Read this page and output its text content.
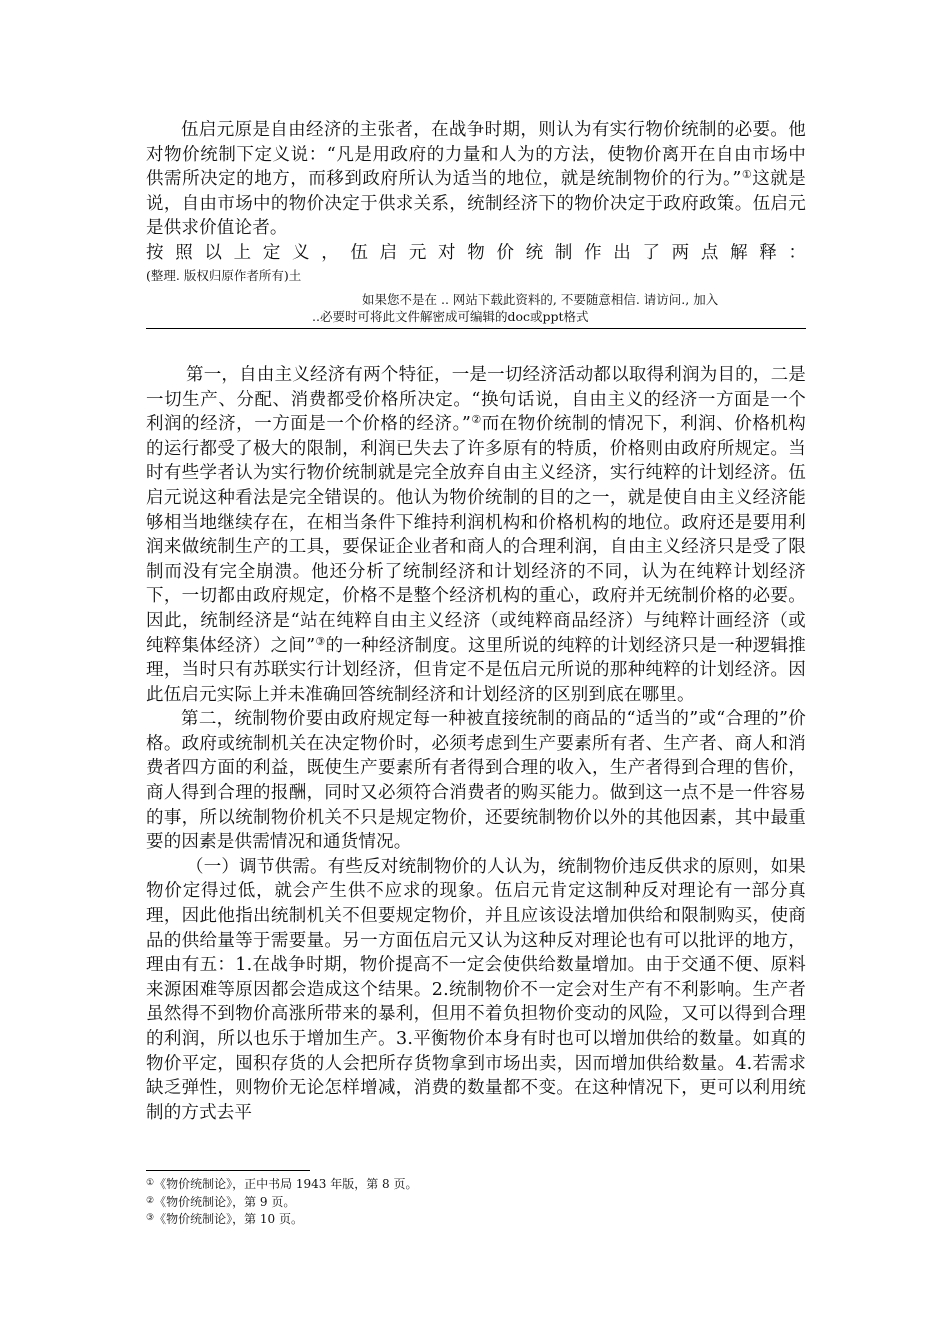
伍启元原是自由经济的主张者，在战争时期，则认为有实行物价统制的必要。他对物价统制下定义说：“凡是用政府的力量和人为的方法，使物价离开在自由市场中供需所决定的地方，而移到政府所认为适当的地位，就是统制物价的行为。”①这就是说，自由市场中的物价决定于供求关系，统制经济下的物价决定于政府政策。伍启元是供求价值论者。

按照以上定义，伍启元对物价统制作出了两点解释：

(整理. 版权归原作者所有)土

如果您不是在 .. 网站下载此资料的, 不要随意相信. 请访问., 加入
..必要时可将此文件解密成可编辑的doc或ppt格式

第一，自由主义经济有两个特征，一是一切经济活动都以取得利润为目的，二是一切生产、分配、消费都受价格所决定。“换句话说，自由主义的经济一方面是一个利润的经济，一方面是一个价格的经济。”②而在物价统制的情况下，利润、价格机构的运行都受了极大的限制，利润已失去了许多原有的特质，价格则由政府所规定。当时有些学者认为实行物价统制就是完全放弃自由主义经济，实行纯粹的计划经济。伍启元说这种看法是完全错误的。他认为物价统制的目的之一，就是使自由主义经济能够相当地继续存在，在相当条件下维持利润机构和价格机构的地位。政府还是要用利润来做统制生产的工具，要保证企业者和商人的合理利润，自由主义经济只是受了限制而没有完全崩溃。他还分析了统制经济和计划经济的不同，认为在纯粹计划经济下，一切都由政府规定，价格不是整个经济机构的重心，政府并无统制价格的必要。因此，统制经济是“站在纯粹自由主义经济（或纯粹商品经济）与纯粹计画经济（或纯粹集体经济）之间”③的一种经济制度。这里所说的纯粹的计划经济只是一种逻辑推理，当时只有苏联实行计划经济，但肯定不是伍启元所说的那种纯粹的计划经济。因此伍启元实际上并未准确回答统制经济和计划经济的区别到底在哪里。

第二，统制物价要由政府规定每一种被直接统制的商品的“适当的”或“合理的”价格。政府或统制机关在决定物价时，必须考虑到生产要素所有者、生产者、商人和消费者四方面的利益，既使生产要素所有者得到合理的收入，生产者得到合理的售价，商人得到合理的报酬，同时又必须符合消费者的购买能力。做到这一点不是一件容易的事，所以统制物价机关不只是规定物价，还要统制物价以外的其他因素，其中最重要的因素是供需情况和通货情况。

（一）调节供需。有些反对统制物价的人认为，统制物价违反供求的原则，如果物价定得过低，就会产生供不应求的现象。伍启元肯定这制种反对理论有一部分真理，因此他指出统制机关不但要规定物价，并且应该设法增加供给和限制购买，使商品的供给量等于需要量。另一方面伍启元又认为这种反对理论也有可以批评的地方，理由有五：1.在战争时期，物价提高不一定会使供给数量增加。由于交通不便、原料来源困难等原因都会造成这个结果。2.统制物价不一定会对生产有不利影响。生产者虽然得不到物价高涨所带来的暴利，但用不着负担物价变动的风险，又可以得到合理的利润，所以也乐于增加生产。3.平衡物价本身有时也可以增加供给的数量。如真的物价平定，囤积存货的人会把所存货物拿到市场出卖，因而增加供给数量。4.若需求缺乏弹性，则物价无论怎样增减，消费的数量都不变。在这种情况下，更可以利用统制的方式去平

①《物价统制论》，正中书局 1943 年版，第 8 页。

②《物价统制论》，第 9 页。

③《物价统制论》，第 10 页。
